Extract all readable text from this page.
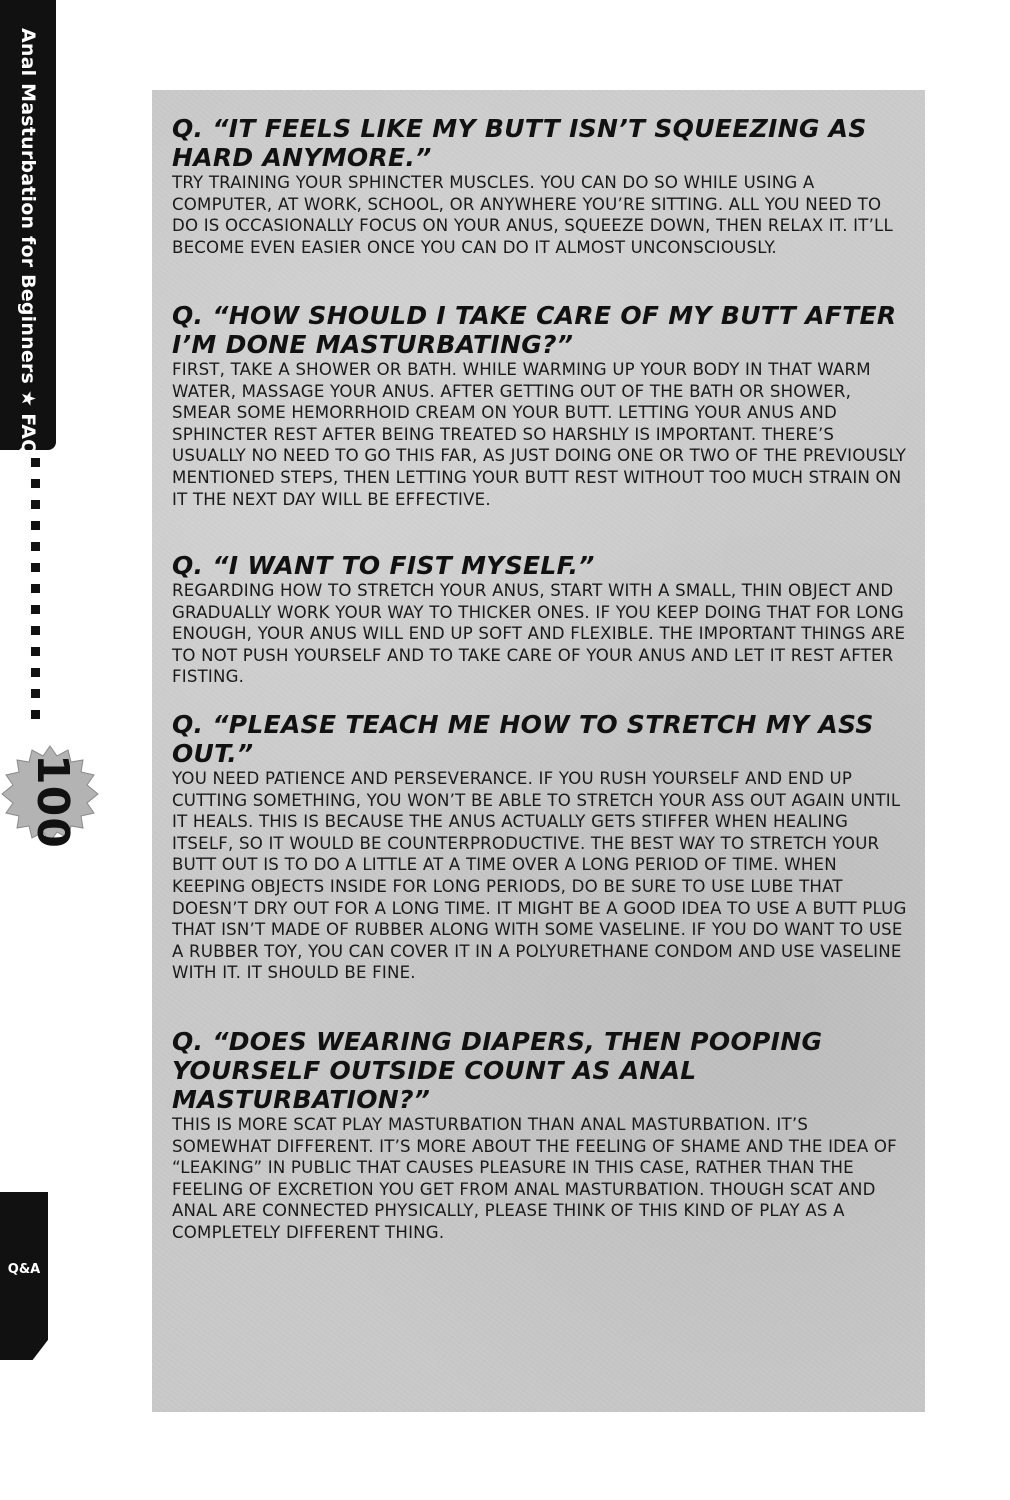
Anal Masturbation for Beginners★FAQ
100
Q&A

Q. “IT FEELS LIKE MY BUTT ISN’T SQUEEZING AS HARD ANYMORE.”

TRY TRAINING YOUR SPHINCTER MUSCLES. YOU CAN DO SO WHILE USING A COMPUTER, AT WORK, SCHOOL, OR ANYWHERE YOU’RE SITTING. ALL YOU NEED TO DO IS OCCASIONALLY FOCUS ON YOUR ANUS, SQUEEZE DOWN, THEN RELAX IT. IT’LL BECOME EVEN EASIER ONCE YOU CAN DO IT ALMOST UNCONSCIOUSLY.

Q. “HOW SHOULD I TAKE CARE OF MY BUTT AFTER I’M DONE MASTURBATING?”

FIRST, TAKE A SHOWER OR BATH. WHILE WARMING UP YOUR BODY IN THAT WARM WATER, MASSAGE YOUR ANUS. AFTER GETTING OUT OF THE BATH OR SHOWER, SMEAR SOME HEMORRHOID CREAM ON YOUR BUTT. LETTING YOUR ANUS AND SPHINCTER REST AFTER BEING TREATED SO HARSHLY IS IMPORTANT. THERE’S USUALLY NO NEED TO GO THIS FAR, AS JUST DOING ONE OR TWO OF THE PREVIOUSLY MENTIONED STEPS, THEN LETTING YOUR BUTT REST WITHOUT TOO MUCH STRAIN ON IT THE NEXT DAY WILL BE EFFECTIVE.

Q. “I WANT TO FIST MYSELF.”

REGARDING HOW TO STRETCH YOUR ANUS, START WITH A SMALL, THIN OBJECT AND GRADUALLY WORK YOUR WAY TO THICKER ONES. IF YOU KEEP DOING THAT FOR LONG ENOUGH, YOUR ANUS WILL END UP SOFT AND FLEXIBLE. THE IMPORTANT THINGS ARE TO NOT PUSH YOURSELF AND TO TAKE CARE OF YOUR ANUS AND LET IT REST AFTER FISTING.

Q. “PLEASE TEACH ME HOW TO STRETCH MY ASS OUT.”

YOU NEED PATIENCE AND PERSEVERANCE. IF YOU RUSH YOURSELF AND END UP CUTTING SOMETHING, YOU WON’T BE ABLE TO STRETCH YOUR ASS OUT AGAIN UNTIL IT HEALS. THIS IS BECAUSE THE ANUS ACTUALLY GETS STIFFER WHEN HEALING ITSELF, SO IT WOULD BE COUNTERPRODUCTIVE. THE BEST WAY TO STRETCH YOUR BUTT OUT IS TO DO A LITTLE AT A TIME OVER A LONG PERIOD OF TIME. WHEN KEEPING OBJECTS INSIDE FOR LONG PERIODS, DO BE SURE TO USE LUBE THAT DOESN’T DRY OUT FOR A LONG TIME. IT MIGHT BE A GOOD IDEA TO USE A BUTT PLUG THAT ISN’T MADE OF RUBBER ALONG WITH SOME VASELINE. IF YOU DO WANT TO USE A RUBBER TOY, YOU CAN COVER IT IN A POLYURETHANE CONDOM AND USE VASELINE WITH IT. IT SHOULD BE FINE.

Q. “DOES WEARING DIAPERS, THEN POOPING YOURSELF OUTSIDE COUNT AS ANAL MASTURBATION?”

THIS IS MORE SCAT PLAY MASTURBATION THAN ANAL MASTURBATION. IT’S SOMEWHAT DIFFERENT. IT’S MORE ABOUT THE FEELING OF SHAME AND THE IDEA OF “LEAKING” IN PUBLIC THAT CAUSES PLEASURE IN THIS CASE, RATHER THAN THE FEELING OF EXCRETION YOU GET FROM ANAL MASTURBATION. THOUGH SCAT AND ANAL ARE CONNECTED PHYSICALLY, PLEASE THINK OF THIS KIND OF PLAY AS A COMPLETELY DIFFERENT THING.
